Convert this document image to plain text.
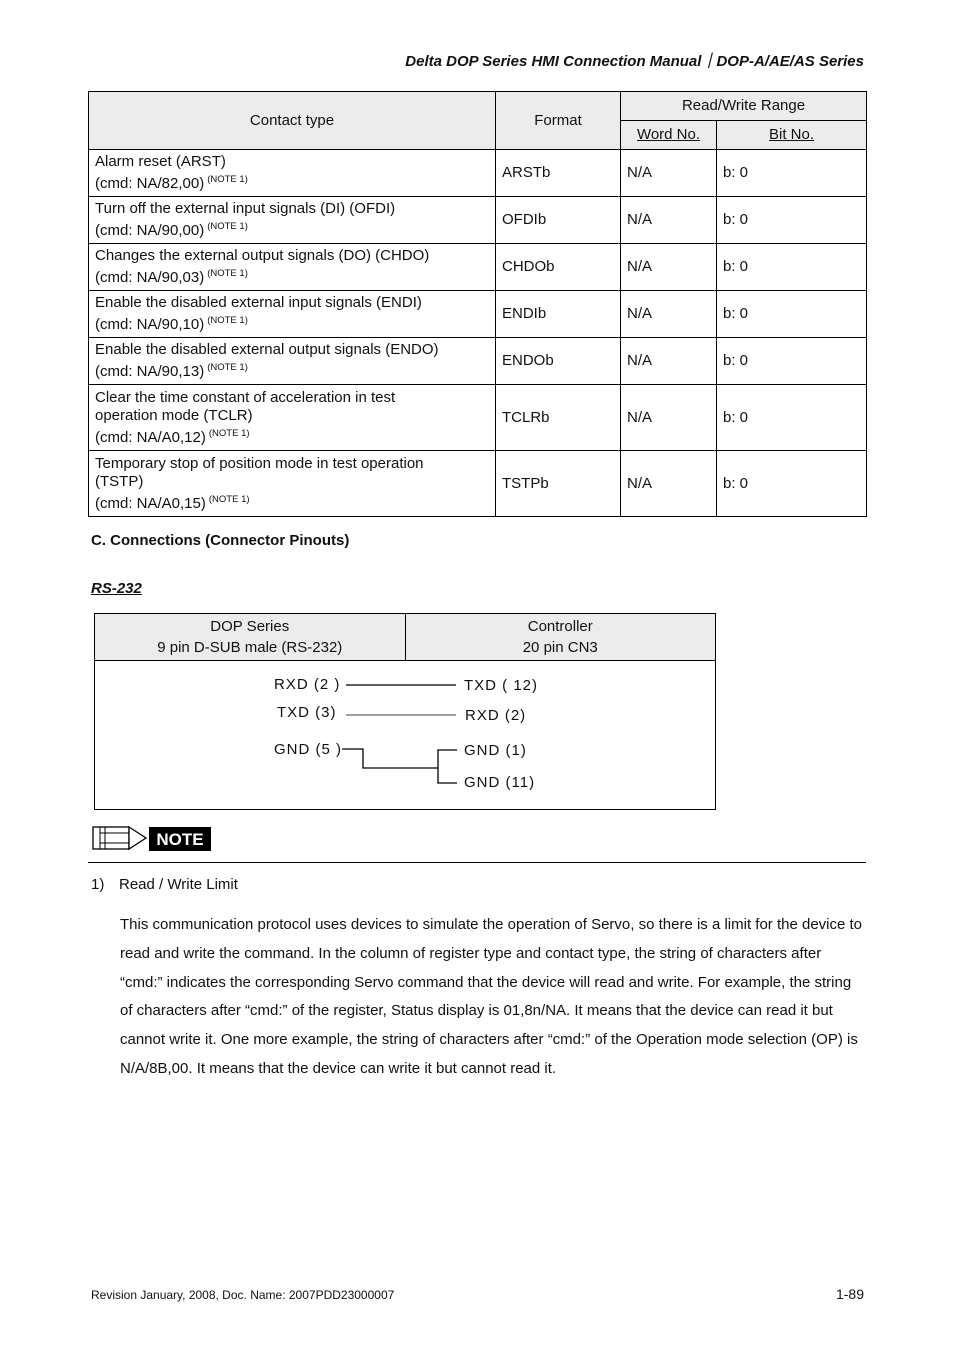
Delta DOP Series HMI Connection Manual｜DOP-A/AE/AS Series
Contact type	Format	Read/Write Range	
		Word No.	Bit No.
Alarm reset (ARST)
(cmd: NA/82,00) $^{(NOTE 1)}$	ARSTb	N/A	b: 0
Turn off the external input signals (DI) (OFDI)
(cmd: NA/90,00) $^{(NOTE 1)}$	OFDIb	N/A	b: 0
Changes the external output signals (DO) (CHDO)
(cmd: NA/90,03) $^{(NOTE 1)}$	CHDOb	N/A	b: 0
Enable the disabled external input signals (ENDI)
(cmd: NA/90,10) $^{(NOTE 1)}$	ENDIb	N/A	b: 0
Enable the disabled external output signals (ENDO)
(cmd: NA/90,13) $^{(NOTE 1)}$	ENDOb	N/A	b: 0
Clear the time constant of acceleration in test
operation mode (TCLR)
(cmd: NA/A0,12) $^{(NOTE 1)}$	TCLRb	N/A	b: 0
Temporary stop of position mode in test operation
(TSTP)
(cmd: NA/A0,15) $^{(NOTE 1)}$	TSTPb	N/A	b: 0
C. Connections (Connector Pinouts)
RS-232
DOP Series
9 pin D-SUB male (RS-232)
Controller
20 pin CN3
RXD (2 )
TXD (3)
GND (5 )
TXD ( 12)
RXD (2)
GND (1)
GND (11)
NOTE
1) Read / Write Limit
This communication protocol uses devices to simulate the operation of Servo, so there is a limit for the device to read and write the command. In the column of register type and contact type, the string of characters after “cmd:” indicates the corresponding Servo command that the device will read and write. For example, the string of characters after “cmd:” of the register, Status display is 01,8n/NA. It means that the device can read it but cannot write it. One more example, the string of characters after “cmd:” of the Operation mode selection (OP) is N/A/8B,00. It means that the device can write it but cannot read it.
Revision January, 2008, Doc. Name: 2007PDD23000007	1-89
